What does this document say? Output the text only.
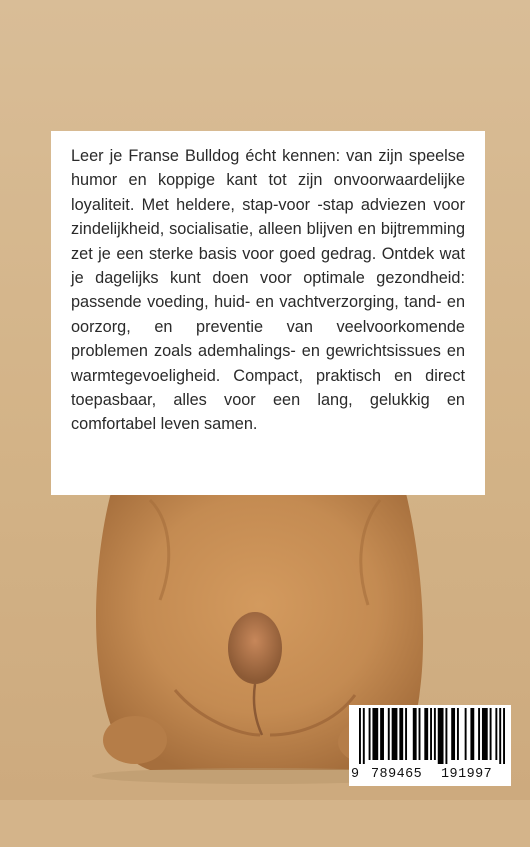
Leer je Franse Bulldog écht kennen: van zijn speelse humor en koppige kant tot zijn onvoorwaardelijke loyaliteit. Met heldere, stap-voor -stap adviezen voor zindelijkheid, socialisatie, alleen blijven en bijtremming zet je een sterke basis voor goed gedrag. Ontdek wat je dagelijks kunt doen voor optimale gezondheid: passende voeding, huid- en vachtverzorging, tand- en oorzorg, en preventie van veelvoorkomende problemen zoals ademhalings- en gewrichtsissues en warmtegevoeligheid. Compact, praktisch en direct toepasbaar, alles voor een lang, gelukkig en comfortabel leven samen.

9

789465

191997
